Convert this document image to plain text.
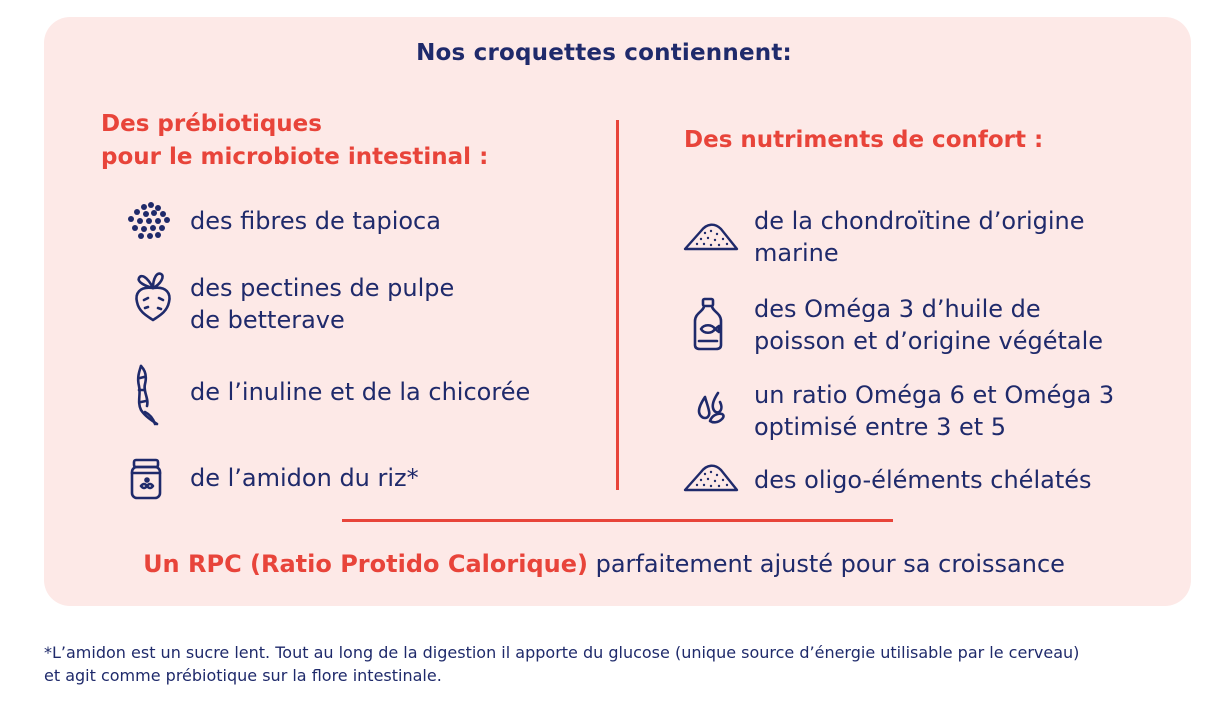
Nos croquettes contiennent:
Des prébiotiques
pour le microbiote intestinal :
Des nutriments de confort :
des fibres de tapioca
des pectines de pulpe
de betterave
de l’inuline et de la chicorée
de l’amidon du riz*
de la chondroïtine d’origine
marine
des Oméga 3 d’huile de
poisson et d’origine végétale
un ratio Oméga 6 et Oméga 3
optimisé entre 3 et 5
des oligo-éléments chélatés
Un RPC (Ratio Protido Calorique) parfaitement ajusté pour sa croissance
*L’amidon est un sucre lent. Tout au long de la digestion il apporte du glucose (unique source d’énergie utilisable par le cerveau)
et agit comme prébiotique sur la flore intestinale.
